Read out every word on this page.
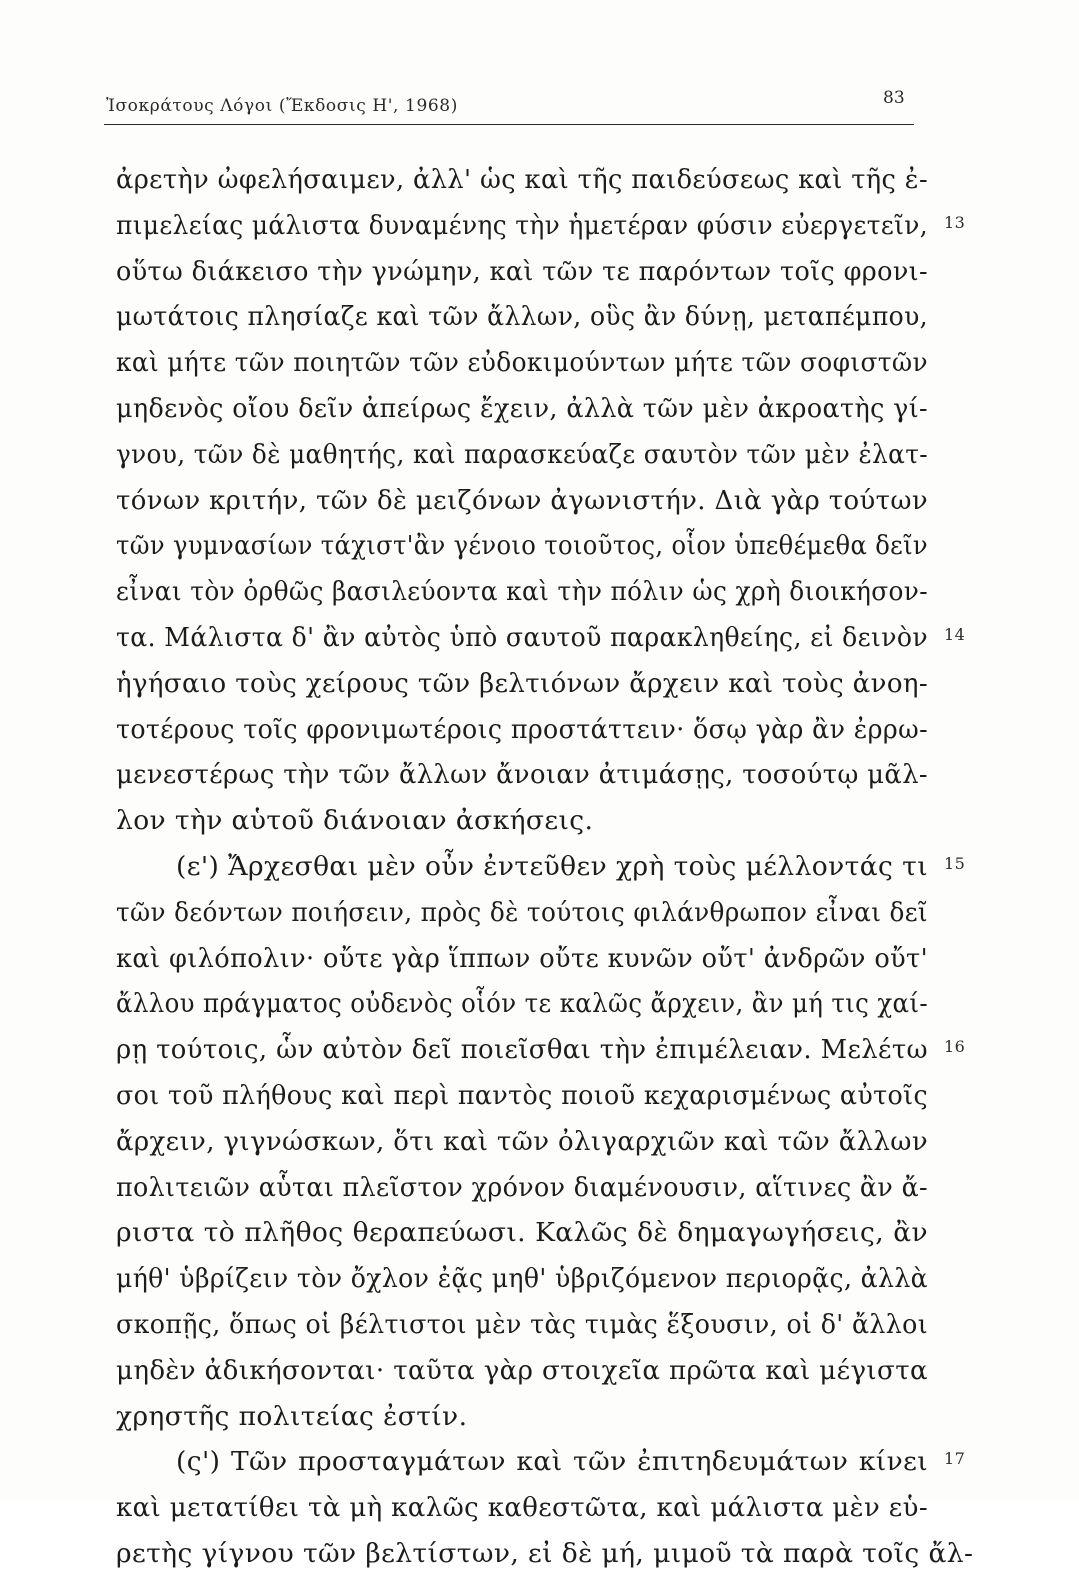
Ἰσοκράτους Λόγοι (Ἔκδοσις Η', 1968)	83
ἀρετὴν ὠφελήσαιμεν, ἀλλ' ὡς καὶ τῆς παιδεύσεως καὶ τῆς ἐ-
πιμελείας μάλιστα δυναμένης τὴν ἡμετέραν φύσιν εὐεργετεῖν, 13
οὕτω διάκεισο τὴν γνώμην, καὶ τῶν τε παρόντων τοῖς φρονι-
μωτάτοις πλησίαζε καὶ τῶν ἄλλων, οὓς ἂν δύνῃ, μεταπέμπου,
καὶ μήτε τῶν ποιητῶν τῶν εὐδοκιμούντων μήτε τῶν σοφιστῶν
μηδενὸς οἴου δεῖν ἀπείρως ἔχειν, ἀλλὰ τῶν μὲν ἀκροατὴς γί-
γνου, τῶν δὲ μαθητής, καὶ παρασκεύαζε σαυτὸν τῶν μὲν ἐλατ-
τόνων κριτήν, τῶν δὲ μειζόνων ἀγωνιστήν. Διὰ γὰρ τούτων
τῶν γυμνασίων τάχιστ'ἂν γένοιο τοιοῦτος, οἷον ὑπεθέμεθα δεῖν
εἶναι τὸν ὀρθῶς βασιλεύοντα καὶ τὴν πόλιν ὡς χρὴ διοικήσον-
τα. Μάλιστα δ' ἂν αὐτὸς ὑπὸ σαυτοῦ παρακληθείης, εἰ δεινὸν 14
ἡγήσαιο τοὺς χείρους τῶν βελτιόνων ἄρχειν καὶ τοὺς ἀνοη-
τοτέρους τοῖς φρονιμωτέροις προστάττειν· ὅσῳ γὰρ ἂν ἐρρω-
μενεστέρως τὴν τῶν ἄλλων ἄνοιαν ἀτιμάσῃς, τοσούτῳ μᾶλ-
λον τὴν αὑτοῦ διάνοιαν ἀσκήσεις.
(ε') Ἄρχεσθαι μὲν οὖν ἐντεῦθεν χρὴ τοὺς μέλλοντάς τι 15
τῶν δεόντων ποιήσειν, πρὸς δὲ τούτοις φιλάνθρωπον εἶναι δεῖ
καὶ φιλόπολιν· οὔτε γὰρ ἵππων οὔτε κυνῶν οὔτ' ἀνδρῶν οὔτ'
ἄλλου πράγματος οὐδενὸς οἷόν τε καλῶς ἄρχειν, ἂν μή τις χαί-
ρῃ τούτοις, ὧν αὐτὸν δεῖ ποιεῖσθαι τὴν ἐπιμέλειαν. Μελέτω 16
σοι τοῦ πλήθους καὶ περὶ παντὸς ποιοῦ κεχαρισμένως αὐτοῖς
ἄρχειν, γιγνώσκων, ὅτι καὶ τῶν ὀλιγαρχιῶν καὶ τῶν ἄλλων
πολιτειῶν αὗται πλεῖστον χρόνον διαμένουσιν, αἵτινες ἂν ἄ-
ριστα τὸ πλῆθος θεραπεύωσι. Καλῶς δὲ δημαγωγήσεις, ἂν
μήθ' ὑβρίζειν τὸν ὄχλον ἐᾷς μηθ' ὑβριζόμενον περιορᾷς, ἀλλὰ
σκοπῇς, ὅπως οἱ βέλτιστοι μὲν τὰς τιμὰς ἕξουσιν, οἱ δ' ἄλλοι
μηδὲν ἀδικήσονται· ταῦτα γὰρ στοιχεῖα πρῶτα καὶ μέγιστα
χρηστῆς πολιτείας ἐστίν.
(ς') Τῶν προσταγμάτων καὶ τῶν ἐπιτηδευμάτων κίνει 17
καὶ μετατίθει τὰ μὴ καλῶς καθεστῶτα, καὶ μάλιστα μὲν εὑ-
ρετὴς γίγνου τῶν βελτίστων, εἰ δὲ μή, μιμοῦ τὰ παρὰ τοῖς ἄλ-
